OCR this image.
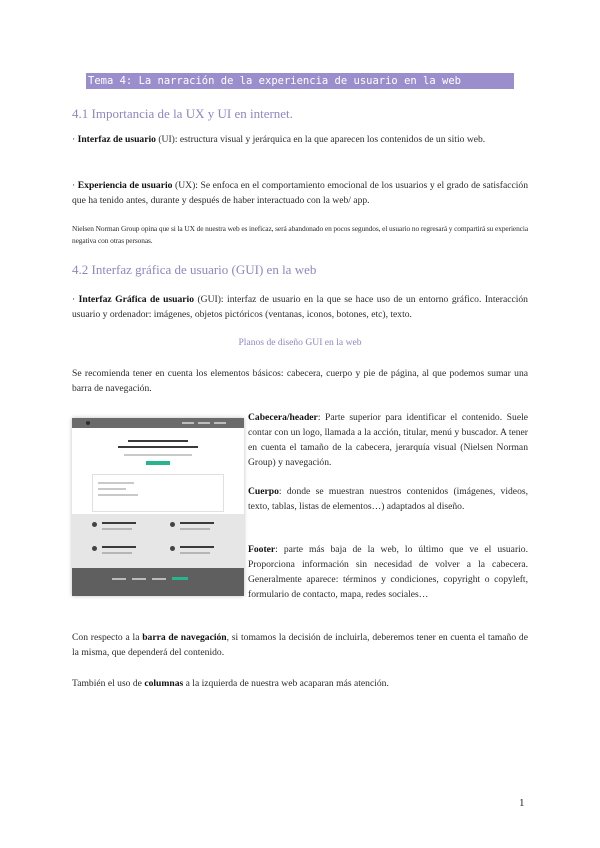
Tema 4: La narración de la experiencia de usuario en la web
4.1 Importancia de la UX y UI en internet.
· Interfaz de usuario (UI): estructura visual y jerárquica en la que aparecen los contenidos de un sitio web.
· Experiencia de usuario (UX): Se enfoca en el comportamiento emocional de los usuarios y el grado de satisfacción que ha tenido antes, durante y después de haber interactuado con la web/ app.
Nielsen Norman Group opina que si la UX de nuestra web es ineficaz, será abandonado en pocos segundos, el usuario no regresará y compartirá su experiencia negativa con otras personas.
4.2 Interfaz gráfica de usuario (GUI) en la web
· Interfaz Gráfica de usuario (GUI): interfaz de usuario en la que se hace uso de un entorno gráfico. Interacción usuario y ordenador: imágenes, objetos pictóricos (ventanas, iconos, botones, etc), texto.
Planos de diseño GUI en la web
Se recomienda tener en cuenta los elementos básicos: cabecera, cuerpo y pie de página, al que podemos sumar una barra de navegación.
Cabecera/header: Parte superior para identificar el contenido. Suele contar con un logo, llamada a la acción, titular, menú y buscador. A tener en cuenta el tamaño de la cabecera, jerarquía visual (Nielsen Norman Group) y navegación.
Cuerpo: donde se muestran nuestros contenidos (imágenes, videos, texto, tablas, listas de elementos…) adaptados al diseño.
Footer: parte más baja de la web, lo último que ve el usuario. Proporciona información sin necesidad de volver a la cabecera. Generalmente aparece: términos y condiciones, copyright o copyleft, formulario de contacto, mapa, redes sociales…
Con respecto a la barra de navegación, si tomamos la decisión de incluirla, deberemos tener en cuenta el tamaño de la misma, que dependerá del contenido.
También el uso de columnas a la izquierda de nuestra web acaparan más atención.
1
